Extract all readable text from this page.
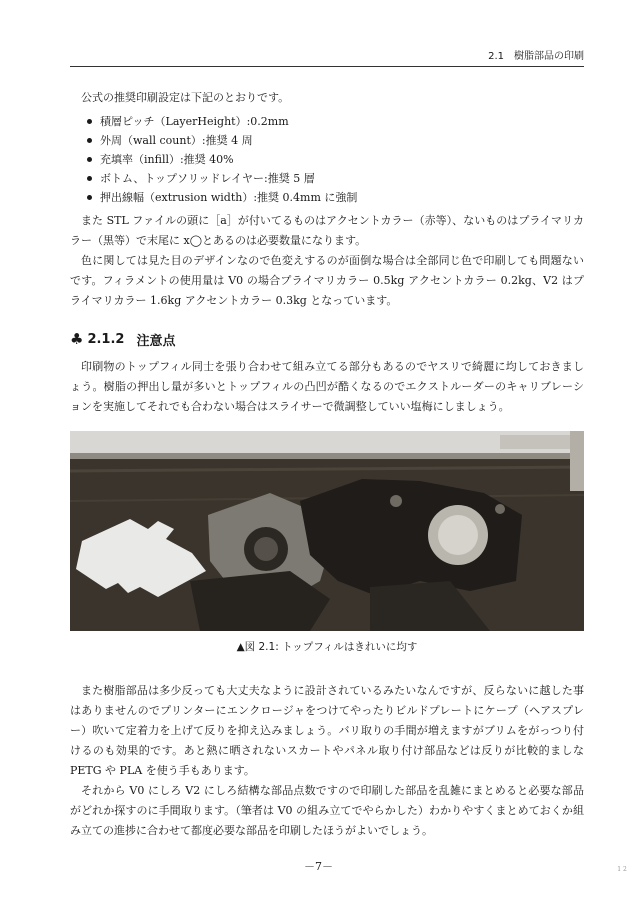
2.1　樹脂部品の印刷

公式の推奨印刷設定は下記のとおりです。

積層ピッチ（LayerHeight）:0.2mm
外周（wall count）:推奨 4 周
充填率（infill）:推奨 40%
ボトム、トップソリッドレイヤー:推奨 5 層
押出線幅（extrusion width）:推奨 0.4mm に強制

また STL ファイルの頭に［a］が付いてるものはアクセントカラー（赤等）、ないものはプライマリカラー（黒等）で末尾に x◯とあるのは必要数量になります。

色に関しては見た目のデザインなので色変えするのが面倒な場合は全部同じ色で印刷しても問題ないです。フィラメントの使用量は V0 の場合プライマリカラー 0.5kg アクセントカラー 0.2kg、V2 はプライマリカラー 1.6kg アクセントカラー 0.3kg となっています。

♣ 2.1.2 注意点

印刷物のトップフィル同士を張り合わせて組み立てる部分もあるのでヤスリで綺麗に均しておきましょう。樹脂の押出し量が多いとトップフィルの凸凹が酷くなるのでエクストルーダーのキャリブレーションを実施してそれでも合わない場合はスライサーで微調整していい塩梅にしましょう。

▲図 2.1: トップフィルはきれいに均す

また樹脂部品は多少反っても大丈夫なように設計されているみたいなんですが、反らないに越した事はありませんのでプリンターにエンクロージャをつけてやったりビルドプレートにケープ（ヘアスプレー）吹いて定着力を上げて反りを抑え込みましょう。バリ取りの手間が増えますがブリムをがっつり付けるのも効果的です。あと熱に晒されないスカートやパネル取り付け部品などは反りが比較的ましな PETG や PLA を使う手もあります。

それから V0 にしろ V2 にしろ結構な部品点数ですので印刷した部品を乱雑にまとめると必要な部品がどれか探すのに手間取ります。（筆者は V0 の組み立てでやらかした）わかりやすくまとめておくか組み立ての進捗に合わせて都度必要な部品を印刷したほうがよいでしょう。

－7－	1 2
